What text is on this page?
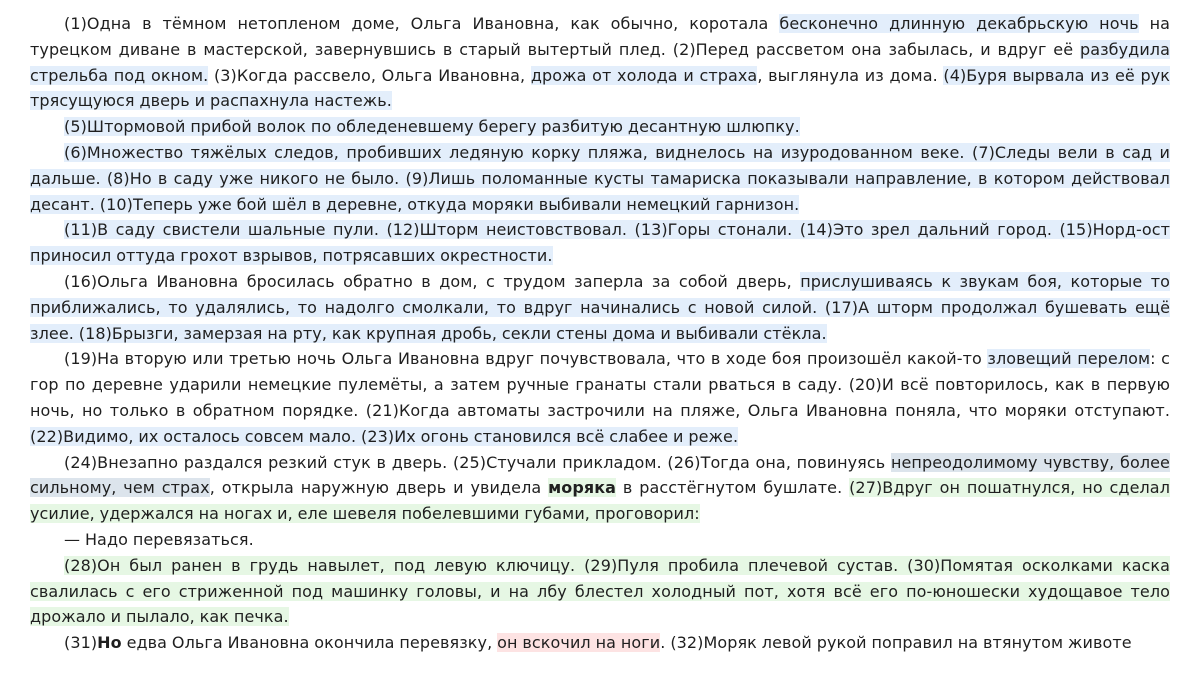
(1)Одна в тёмном нетопленом доме, Ольга Ивановна, как обычно, коротала бесконечно длинную декабрьскую ночь на турецком диване в мастерской, завернувшись в старый вытертый плед. (2)Перед рассветом она забылась, и вдруг её разбудила стрельба под окном. (3)Когда рассвело, Ольга Ивановна, дрожа от холода и страха, выглянула из дома. (4)Буря вырвала из её рук трясущуюся дверь и распахнула настежь.

(5)Штормовой прибой волок по обледеневшему берегу разбитую десантную шлюпку.

(6)Множество тяжёлых следов, пробивших ледяную корку пляжа, виднелось на изуродованном веке. (7)Следы вели в сад и дальше. (8)Но в саду уже никого не было. (9)Лишь поломанные кусты тамариска показывали направление, в котором действовал десант. (10)Теперь уже бой шёл в деревне, откуда моряки выбивали немецкий гарнизон.

(11)В саду свистели шальные пули. (12)Шторм неистовствовал. (13)Горы стонали. (14)Это зрел дальний город. (15)Норд-ост приносил оттуда грохот взрывов, потрясавших окрестности.

(16)Ольга Ивановна бросилась обратно в дом, с трудом заперла за собой дверь, прислушиваясь к звукам боя, которые то приближались, то удалялись, то надолго смолкали, то вдруг начинались с новой силой. (17)А шторм продолжал бушевать ещё злее. (18)Брызги, замерзая на рту, как крупная дробь, секли стены дома и выбивали стёкла.

(19)На вторую или третью ночь Ольга Ивановна вдруг почувствовала, что в ходе боя произошёл какой-то зловещий перелом: с гор по деревне ударили немецкие пулемёты, а затем ручные гранаты стали рваться в саду. (20)И всё повторилось, как в первую ночь, но только в обратном порядке. (21)Когда автоматы застрочили на пляже, Ольга Ивановна поняла, что моряки отступают. (22)Видимо, их осталось совсем мало. (23)Их огонь становился всё слабее и реже.

(24)Внезапно раздался резкий стук в дверь. (25)Стучали прикладом. (26)Тогда она, повинуясь непреодолимому чувству, более сильному, чем страх, открыла наружную дверь и увидела моряка в расстёгнутом бушлате. (27)Вдруг он пошатнулся, но сделал усилие, удержался на ногах и, еле шевеля побелевшими губами, проговорил:

— Надо перевязаться.

(28)Он был ранен в грудь навылет, под левую ключицу. (29)Пуля пробила плечевой сустав. (30)Помятая осколками каска свалилась с его стриженной под машинку головы, и на лбу блестел холодный пот, хотя всё его по-юношески худощавое тело дрожало и пылало, как печка.

(31)Но едва Ольга Ивановна окончила перевязку, он вскочил на ноги. (32)Моряк левой рукой поправил на втянутом животе
